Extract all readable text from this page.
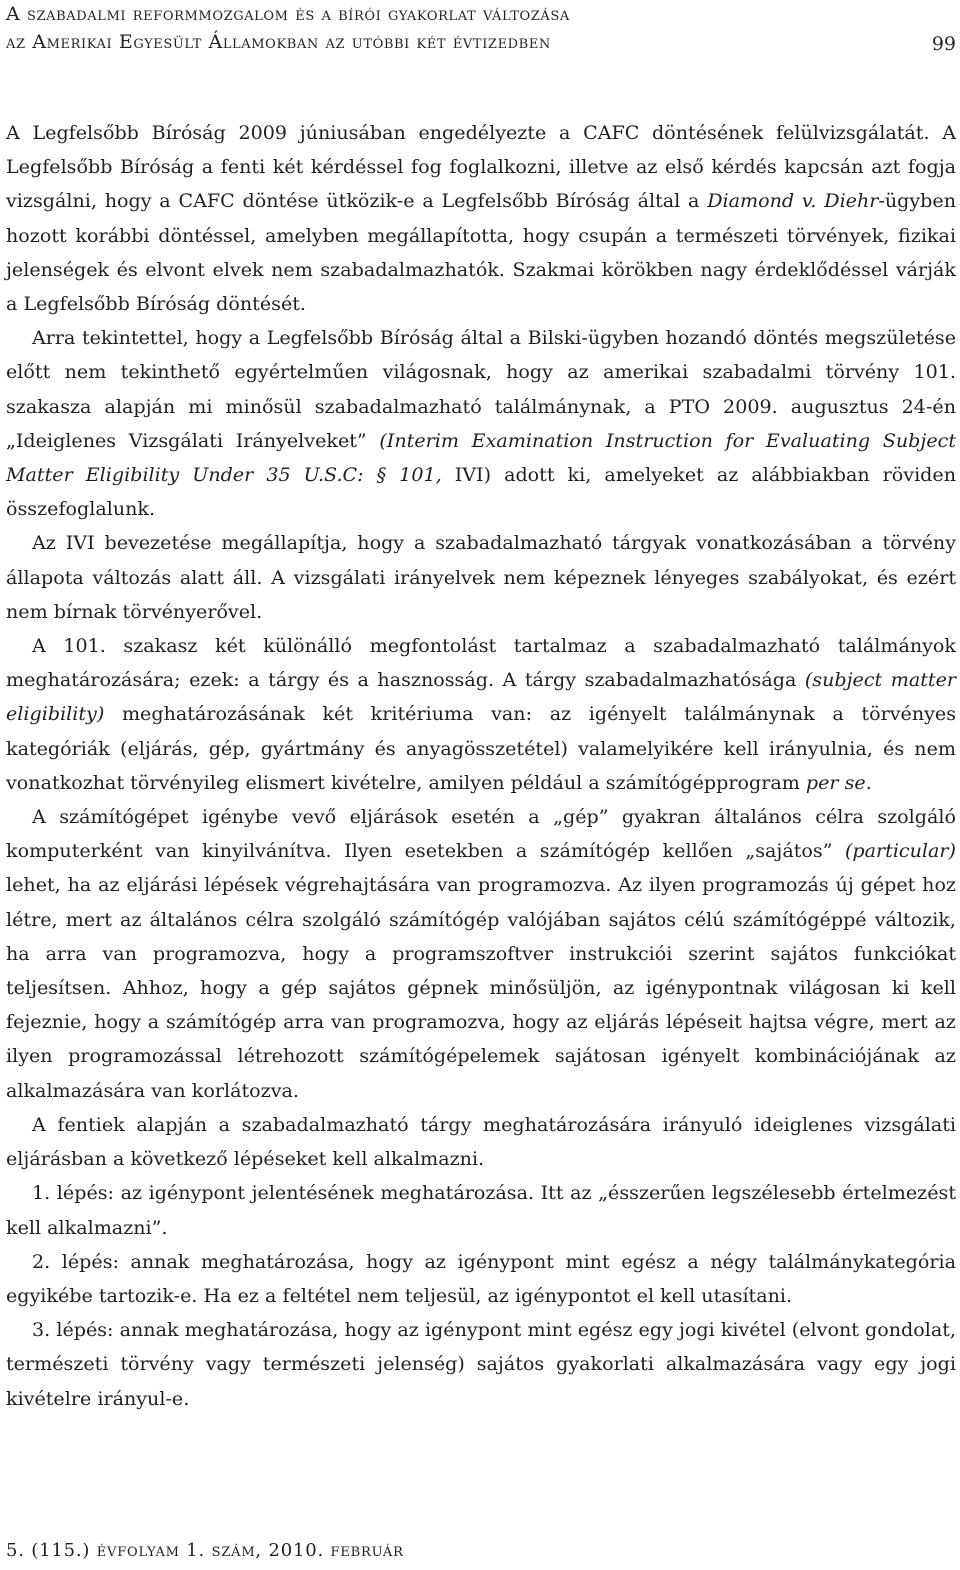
A szabadalmi reformmozgalom és a bírói gyakorlat változása
az Amerikai Egyesült Államokban az utóbbi két évtizedben	99

A Legfelsőbb Bíróság 2009 júniusában engedélyezte a CAFC döntésének felülvizsgálatát. A Legfelsőbb Bíróság a fenti két kérdéssel fog foglalkozni, illetve az első kérdés kapcsán azt fogja vizsgálni, hogy a CAFC döntése ütközik-e a Legfelsőbb Bíróság által a Diamond v. Diehr-ügyben hozott korábbi döntéssel, amelyben megállapította, hogy csupán a természeti törvények, fizikai jelenségek és elvont elvek nem szabadalmazhatók. Szakmai körökben nagy érdeklődéssel várják a Legfelsőbb Bíróság döntését.

Arra tekintettel, hogy a Legfelsőbb Bíróság által a Bilski-ügyben hozandó döntés megszületése előtt nem tekinthető egyértelműen világosnak, hogy az amerikai szabadalmi törvény 101. szakasza alapján mi minősül szabadalmazható találmánynak, a PTO 2009. augusztus 24-én „Ideiglenes Vizsgálati Irányelveket” (Interim Examination Instruction for Evaluating Subject Matter Eligibility Under 35 U.S.C: § 101, IVI) adott ki, amelyeket az alábbiakban röviden összefoglalunk.

Az IVI bevezetése megállapítja, hogy a szabadalmazható tárgyak vonatkozásában a törvény állapota változás alatt áll. A vizsgálati irányelvek nem képeznek lényeges szabályokat, és ezért nem bírnak törvényerővel.

A 101. szakasz két különálló megfontolást tartalmaz a szabadalmazható találmányok meghatározására; ezek: a tárgy és a hasznosság. A tárgy szabadalmazhatósága (subject matter eligibility) meghatározásának két kritériuma van: az igényelt találmánynak a törvényes kategóriák (eljárás, gép, gyártmány és anyagösszetétel) valamelyikére kell irányulnia, és nem vonatkozhat törvényileg elismert kivételre, amilyen például a számítógépprogram per se.

A számítógépet igénybe vevő eljárások esetén a „gép” gyakran általános célra szolgáló komputerként van kinyilvánítva. Ilyen esetekben a számítógép kellően „sajátos” (particular) lehet, ha az eljárási lépések végrehajtására van programozva. Az ilyen programozás új gépet hoz létre, mert az általános célra szolgáló számítógép valójában sajátos célú számítógéppé változik, ha arra van programozva, hogy a programszoftver instrukciói szerint sajátos funkciókat teljesítsen. Ahhoz, hogy a gép sajátos gépnek minősüljön, az igénypontnak világosan ki kell fejeznie, hogy a számítógép arra van programozva, hogy az eljárás lépéseit hajtsa végre, mert az ilyen programozással létrehozott számítógépelemek sajátosan igényelt kombinációjának az alkalmazására van korlátozva.

A fentiek alapján a szabadalmazható tárgy meghatározására irányuló ideiglenes vizsgálati eljárásban a következő lépéseket kell alkalmazni.

1. lépés: az igénypont jelentésének meghatározása. Itt az „ésszerűen legszélesebb értelmezést kell alkalmazni”.

2. lépés: annak meghatározása, hogy az igénypont mint egész a négy találmánykategória egyikébe tartozik-e. Ha ez a feltétel nem teljesül, az igénypontot el kell utasítani.

3. lépés: annak meghatározása, hogy az igénypont mint egész egy jogi kivétel (elvont gondolat, természeti törvény vagy természeti jelenség) sajátos gyakorlati alkalmazására vagy egy jogi kivételre irányul-e.

5. (115.) évfolyam 1. szám, 2010. február
